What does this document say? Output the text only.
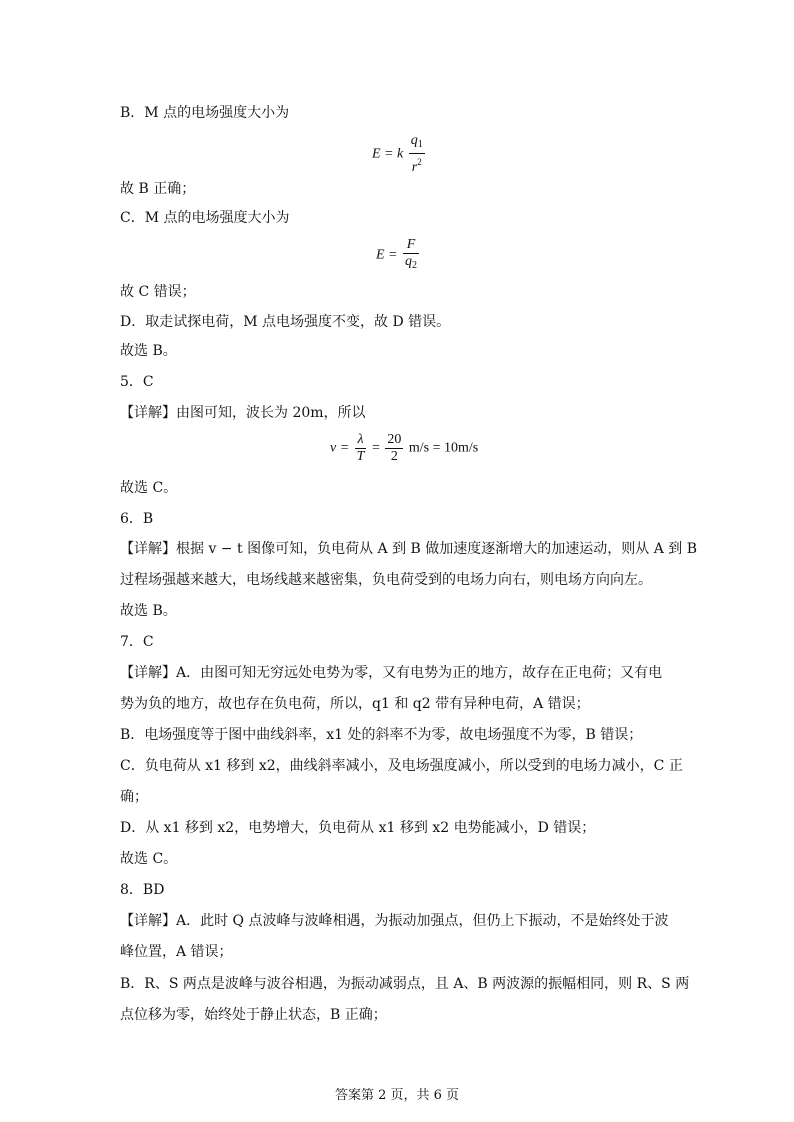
B．M 点的电场强度大小为
E = k $\frac{q_1}{r^2}$
故 B 正确；
C．M 点的电场强度大小为
$E = \frac{F}{q_2}$
故 C 错误；
D．取走试探电荷，M 点电场强度不变，故 D 错误。
故选 B。
5．C
【详解】由图可知，波长为 20m，所以
$v = \frac{\lambda}{T} = \frac{20}{2} m/s = 10m/s$
故选 C。
6．B
【详解】根据 v − t 图像可知，负电荷从 A 到 B 做加速度逐渐增大的加速运动，则从 A 到 B
过程场强越来越大，电场线越来越密集，负电荷受到的电场力向右，则电场方向向左。
故选 B。
7．C
【详解】A．由图可知无穷远处电势为零，又有电势为正的地方，故存在正电荷；又有电
势为负的地方，故也存在负电荷，所以，q1 和 q2 带有异种电荷，A 错误；
B．电场强度等于图中曲线斜率，x1 处的斜率不为零，故电场强度不为零，B 错误；
C．负电荷从 x1 移到 x2，曲线斜率减小，及电场强度减小，所以受到的电场力减小，C 正
确；
D．从 x1 移到 x2，电势增大，负电荷从 x1 移到 x2 电势能减小，D 错误；
故选 C。
8．BD
【详解】A．此时 Q 点波峰与波峰相遇，为振动加强点，但仍上下振动，不是始终处于波
峰位置，A 错误；
B．R、S 两点是波峰与波谷相遇，为振动减弱点，且 A、B 两波源的振幅相同，则 R、S 两
点位移为零，始终处于静止状态，B 正确；
答案第 2 页，共 6 页
